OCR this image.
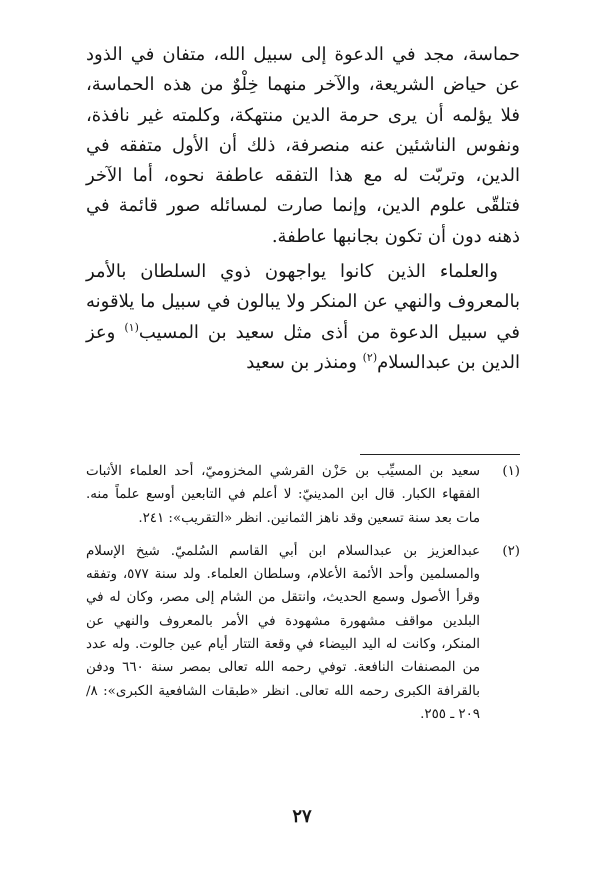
حماسة، مجد في الدعوة إلى سبيل الله، متفان في الذود عن حياض الشريعة، والآخر منهما خِلْوٌ من هذه الحماسة، فلا يؤلمه أن يرى حرمة الدين منتهكة، وكلمته غير نافذة، ونفوس الناشئين عنه منصرفة، ذلك أن الأول متفقه في الدين، وتربّت له مع هذا التفقه عاطفة نحوه، أما الآخر فتلقّى علوم الدين، وإنما صارت لمسائله صور قائمة في ذهنه دون أن تكون بجانبها عاطفة.

والعلماء الذين كانوا يواجهون ذوي السلطان بالأمر بالمعروف والنهي عن المنكر ولا يبالون في سبيل ما يلاقونه في سبيل الدعوة من أذى مثل سعيد بن المسيب$^{(١)}$ وعز الدين بن عبدالسلام$^{(٢)}$ ومنذر بن سعيد

(١)
سعيد بن المسيِّب بن حَزْن القرشي المخزوميّ، أحد العلماء الأثبات الفقهاء الكبار. قال ابن المدينيّ: لا أعلم في التابعين أوسع علماً منه. مات بعد سنة تسعين وقد ناهز الثمانين. انظر «التقريب»: ٢٤١.
(٢)
عبدالعزيز بن عبدالسلام ابن أبي القاسم السُلميّ. شيخ الإسلام والمسلمين وأحد الأئمة الأعلام، وسلطان العلماء. ولد سنة ٥٧٧، وتفقه وقرأ الأصول وسمع الحديث، وانتقل من الشام إلى مصر، وكان له في البلدين مواقف مشهورة مشهودة في الأمر بالمعروف والنهي عن المنكر، وكانت له اليد البيضاء في وقعة التتار أيام عين جالوت. وله عدد من المصنفات النافعة. توفي رحمه الله تعالى بمصر سنة ٦٦٠ ودفن بالقرافة الكبرى رحمه الله تعالى. انظر «طبقات الشافعية الكبرى»: ٨/ ٢٠٩ ـ ٢٥٥.
٢٧
